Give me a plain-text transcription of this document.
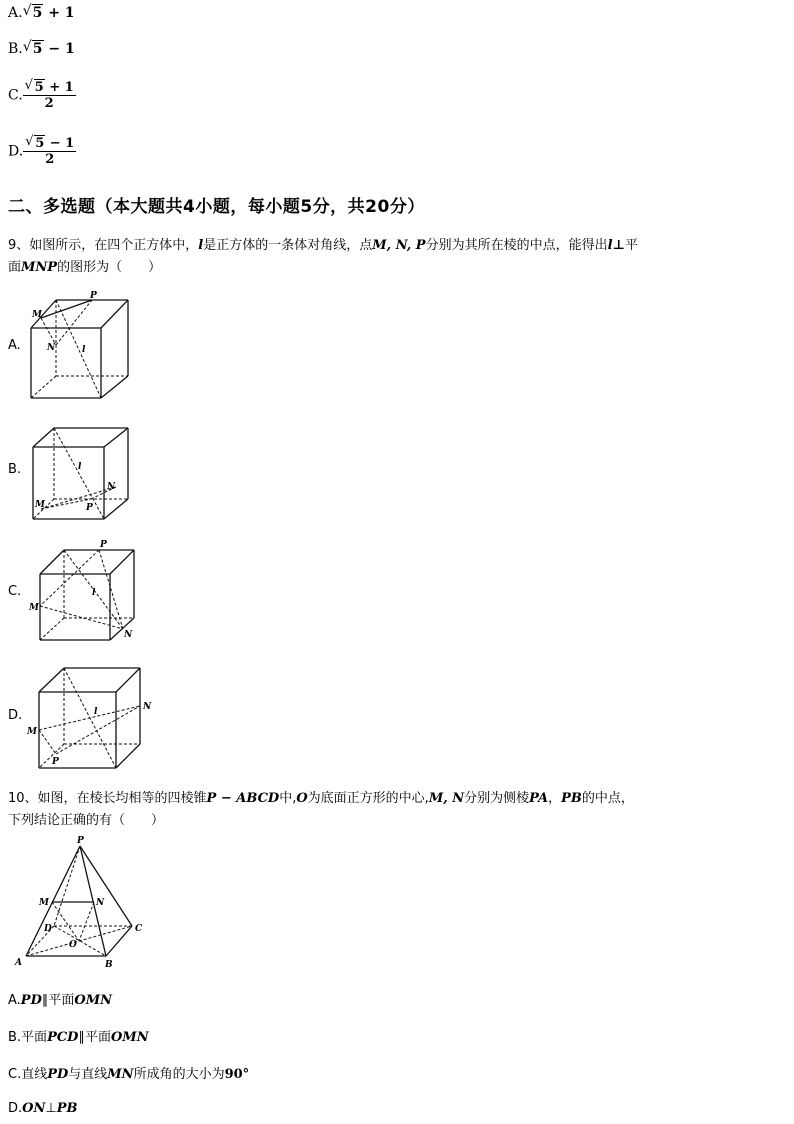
A. √ 5 + 1
B. √ 5 − 1
C. √ $\frac{5 + 1}{2}$
D. √ $\frac{5 - 1}{2}$
二、多选题（本大题共4小题，每小题5分，共20分）
9、如图所示，在四个正方体中，l是正方体的一条体对角线，点M, N, P分别为其所在棱的中点，能得出l⊥平
面MNP的图形为（　　）
A.
P
M
N	l
B.	l
N
M	P
C.
P
l
M
N
D.
N
l
M
P
10、如图，在棱长均相等的四棱锥P − ABCD中,O为底面正方形的中心,M, N分别为侧棱PA，PB的中点，
下列结论正确的有（　　）
P
M	N
D	C
O
A	B
A.PD∥平面OMN
B.平面PCD∥平面OMN
C.直线PD与直线MN所成角的大小为90°
D.ON⊥PB
